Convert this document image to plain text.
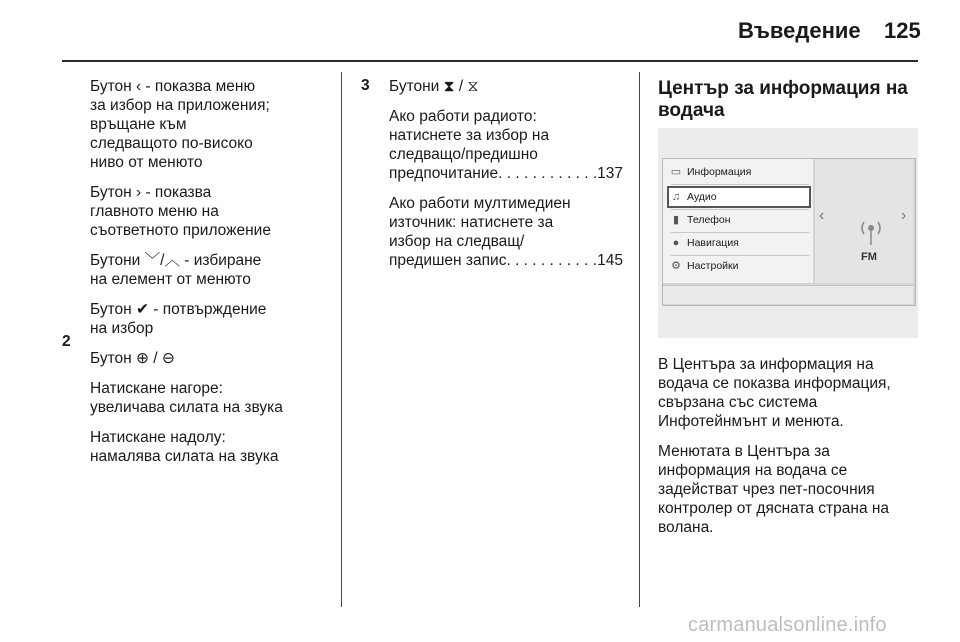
Въведение 125

Бутон ‹ - показва меню
за избор на приложения;
връщане към
следващото по-високо
ниво от менюто

Бутон › - показва
главното меню на
съответното приложение

Бутони ﹀/︿ - избиране
на елемент от менюто

Бутон ✔ - потвърждение
на избор

Бутон ⊕ / ⊖

Натискане нагоре:
увеличава силата на звука

Натискане надолу:
намалява силата на звука

2
3 Бутони ⧗ / ⧖

Ако работи радиото:
натиснете за избор на
следващо/предишно
предпочитание . . .	137

Ако работи мултимедиен
източник: натиснете за
избор на следващ/
предишен запис . . .	145

Център за информация на водача
▭ Информация
♫ Аудио
▮ Телефон
● Навигация
⚙ Настройки
‹	›
FM

В Центъра за информация на
водача се показва информация,
свързана със система
Инфотейнмънт и менюта.

Менютата в Центъра за
информация на водача се
задействат чрез пет-посочния
контролер от дясната страна на
волана.

carmanualsonline.info
